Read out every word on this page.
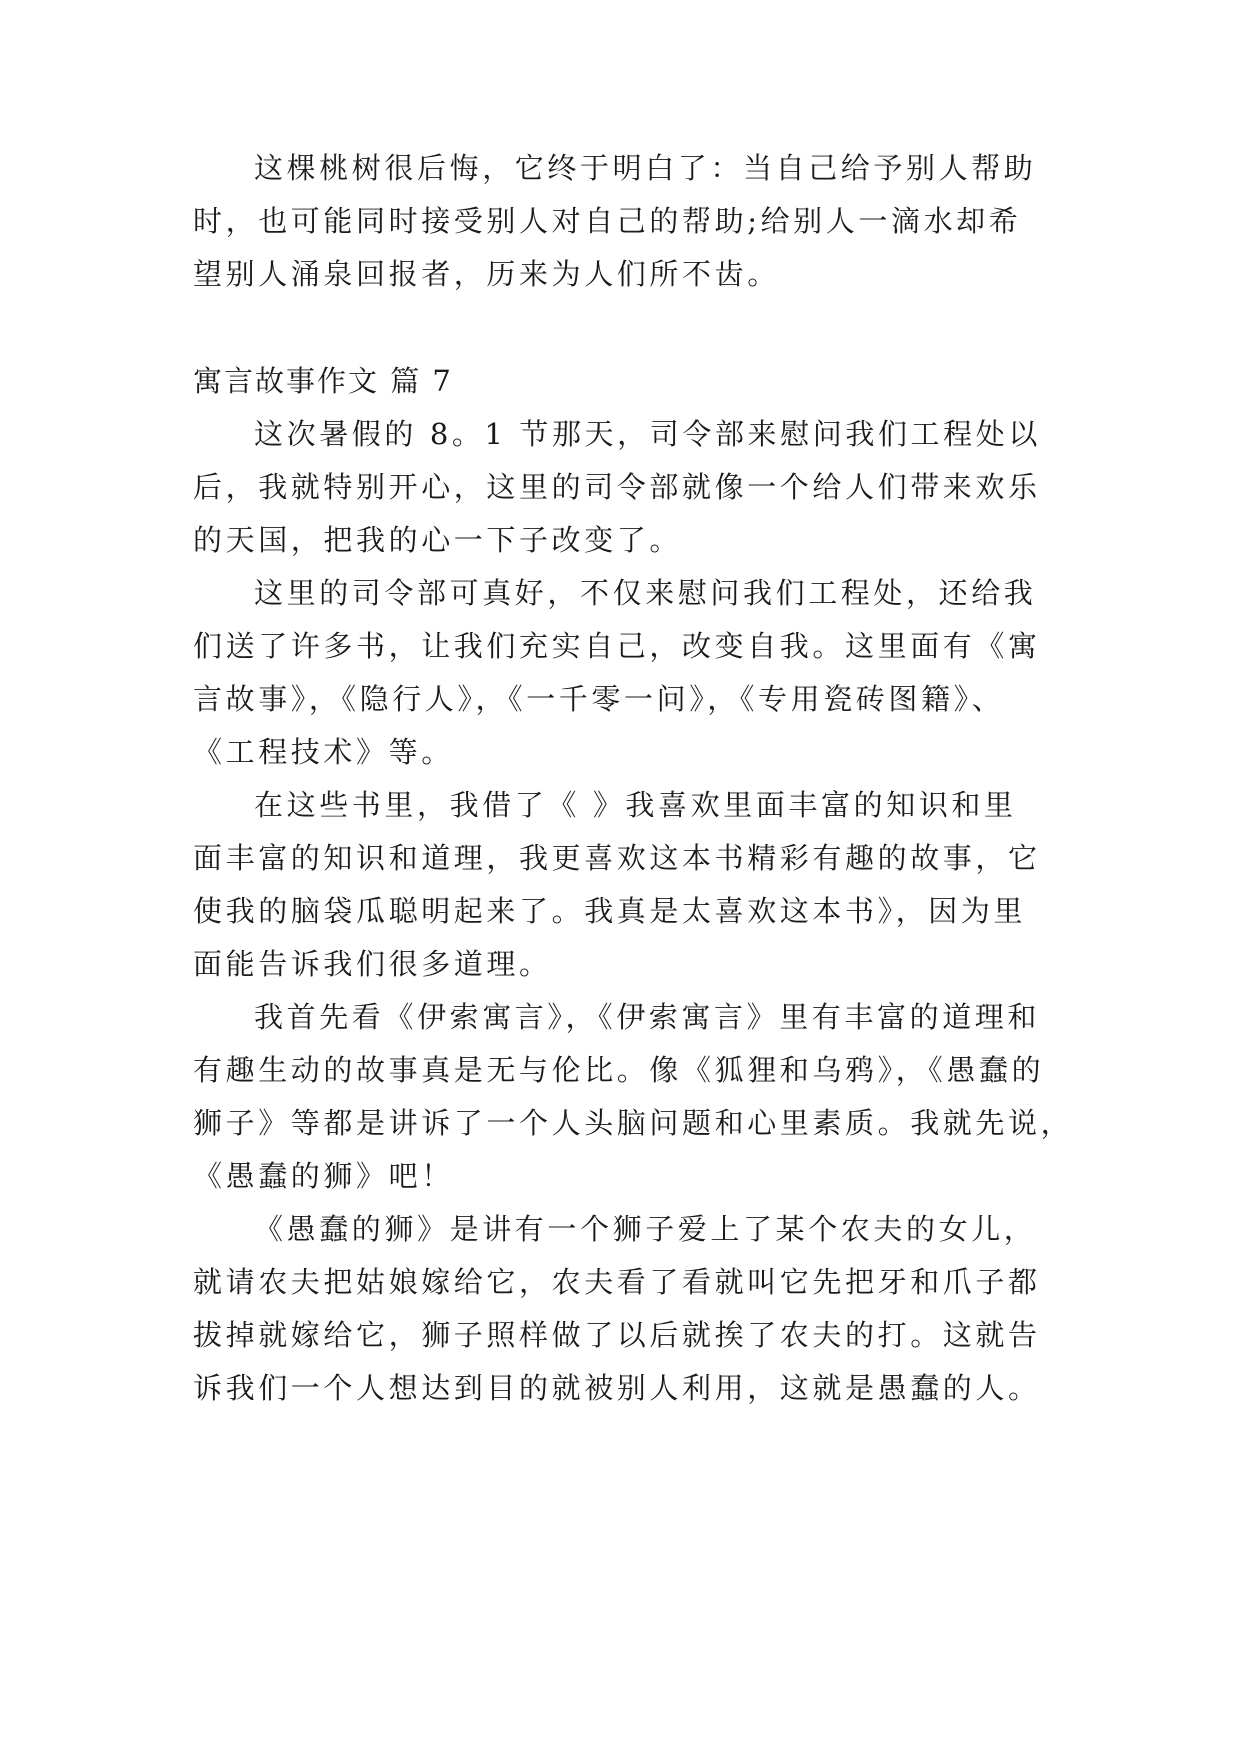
这棵桃树很后悔，它终于明白了：当自己给予别人帮助

时，也可能同时接受别人对自己的帮助;给别人一滴水却希

望别人涌泉回报者，历来为人们所不齿。

寓言故事作文 篇 7

这次暑假的 8。1 节那天，司令部来慰问我们工程处以

后，我就特别开心，这里的司令部就像一个给人们带来欢乐

的天国，把我的心一下子改变了。

这里的司令部可真好，不仅来慰问我们工程处，还给我

们送了许多书，让我们充实自己，改变自我。这里面有《寓

言故事》，《隐行人》，《一千零一问》，《专用瓷砖图籍》、

《工程技术》等。

在这些书里，我借了《 》我喜欢里面丰富的知识和里

面丰富的知识和道理，我更喜欢这本书精彩有趣的故事，它

使我的脑袋瓜聪明起来了。我真是太喜欢这本书》，因为里

面能告诉我们很多道理。

我首先看《伊索寓言》，《伊索寓言》里有丰富的道理和

有趣生动的故事真是无与伦比。像《狐狸和乌鸦》，《愚蠢的

狮子》等都是讲诉了一个人头脑问题和心里素质。我就先说，

《愚蠢的狮》吧！

《愚蠢的狮》是讲有一个狮子爱上了某个农夫的女儿，

就请农夫把姑娘嫁给它，农夫看了看就叫它先把牙和爪子都

拔掉就嫁给它，狮子照样做了以后就挨了农夫的打。这就告

诉我们一个人想达到目的就被别人利用，这就是愚蠢的人。
